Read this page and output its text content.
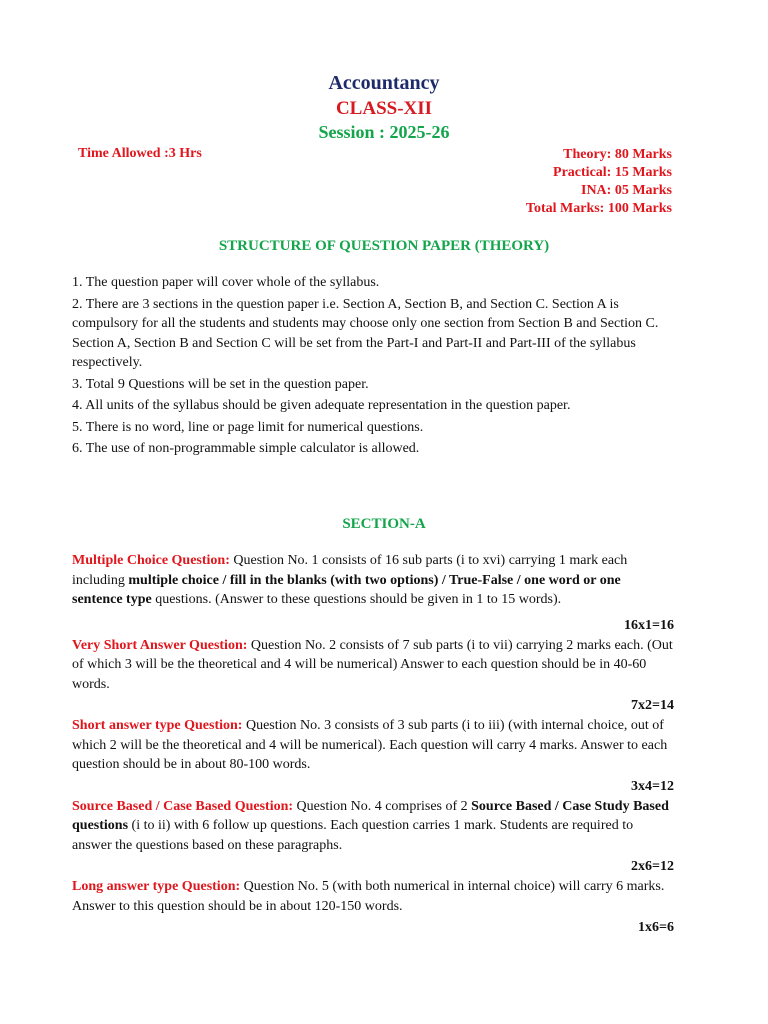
Accountancy
CLASS-XII
Session : 2025-26
Time Allowed :3 Hrs	Theory: 80 Marks
Practical: 15 Marks
INA: 05 Marks
Total Marks: 100 Marks
STRUCTURE OF QUESTION PAPER (THEORY)

1. The question paper will cover whole of the syllabus.

2. There are 3 sections in the question paper i.e. Section A, Section B, and Section C. Section A is compulsory for all the students and students may choose only one section from Section B and Section C. Section A, Section B and Section C will be set from the Part-I and Part-II and Part-III of the syllabus respectively.

3. Total 9 Questions will be set in the question paper.

4. All units of the syllabus should be given adequate representation in the question paper.

5. There is no word, line or page limit for numerical questions.

6. The use of non-programmable simple calculator is allowed.

SECTION-A

Multiple Choice Question: Question No. 1 consists of 16 sub parts (i to xvi) carrying 1 mark each including multiple choice / fill in the blanks (with two options) / True-False / one word or one sentence type questions. (Answer to these questions should be given in 1 to 15 words).

16x1=16

Very Short Answer Question: Question No. 2 consists of 7 sub parts (i to vii) carrying 2 marks each. (Out of which 3 will be the theoretical and 4 will be numerical) Answer to each question should be in 40-60 words.

7x2=14

Short answer type Question: Question No. 3 consists of 3 sub parts (i to iii) (with internal choice, out of which 2 will be the theoretical and 4 will be numerical). Each question will carry 4 marks. Answer to each question should be in about 80-100 words.

3x4=12

Source Based / Case Based Question: Question No. 4 comprises of 2 Source Based / Case Study Based questions (i to ii) with 6 follow up questions. Each question carries 1 mark. Students are required to answer the questions based on these paragraphs.

2x6=12

Long answer type Question: Question No. 5 (with both numerical in internal choice) will carry 6 marks. Answer to this question should be in about 120-150 words.

1x6=6
